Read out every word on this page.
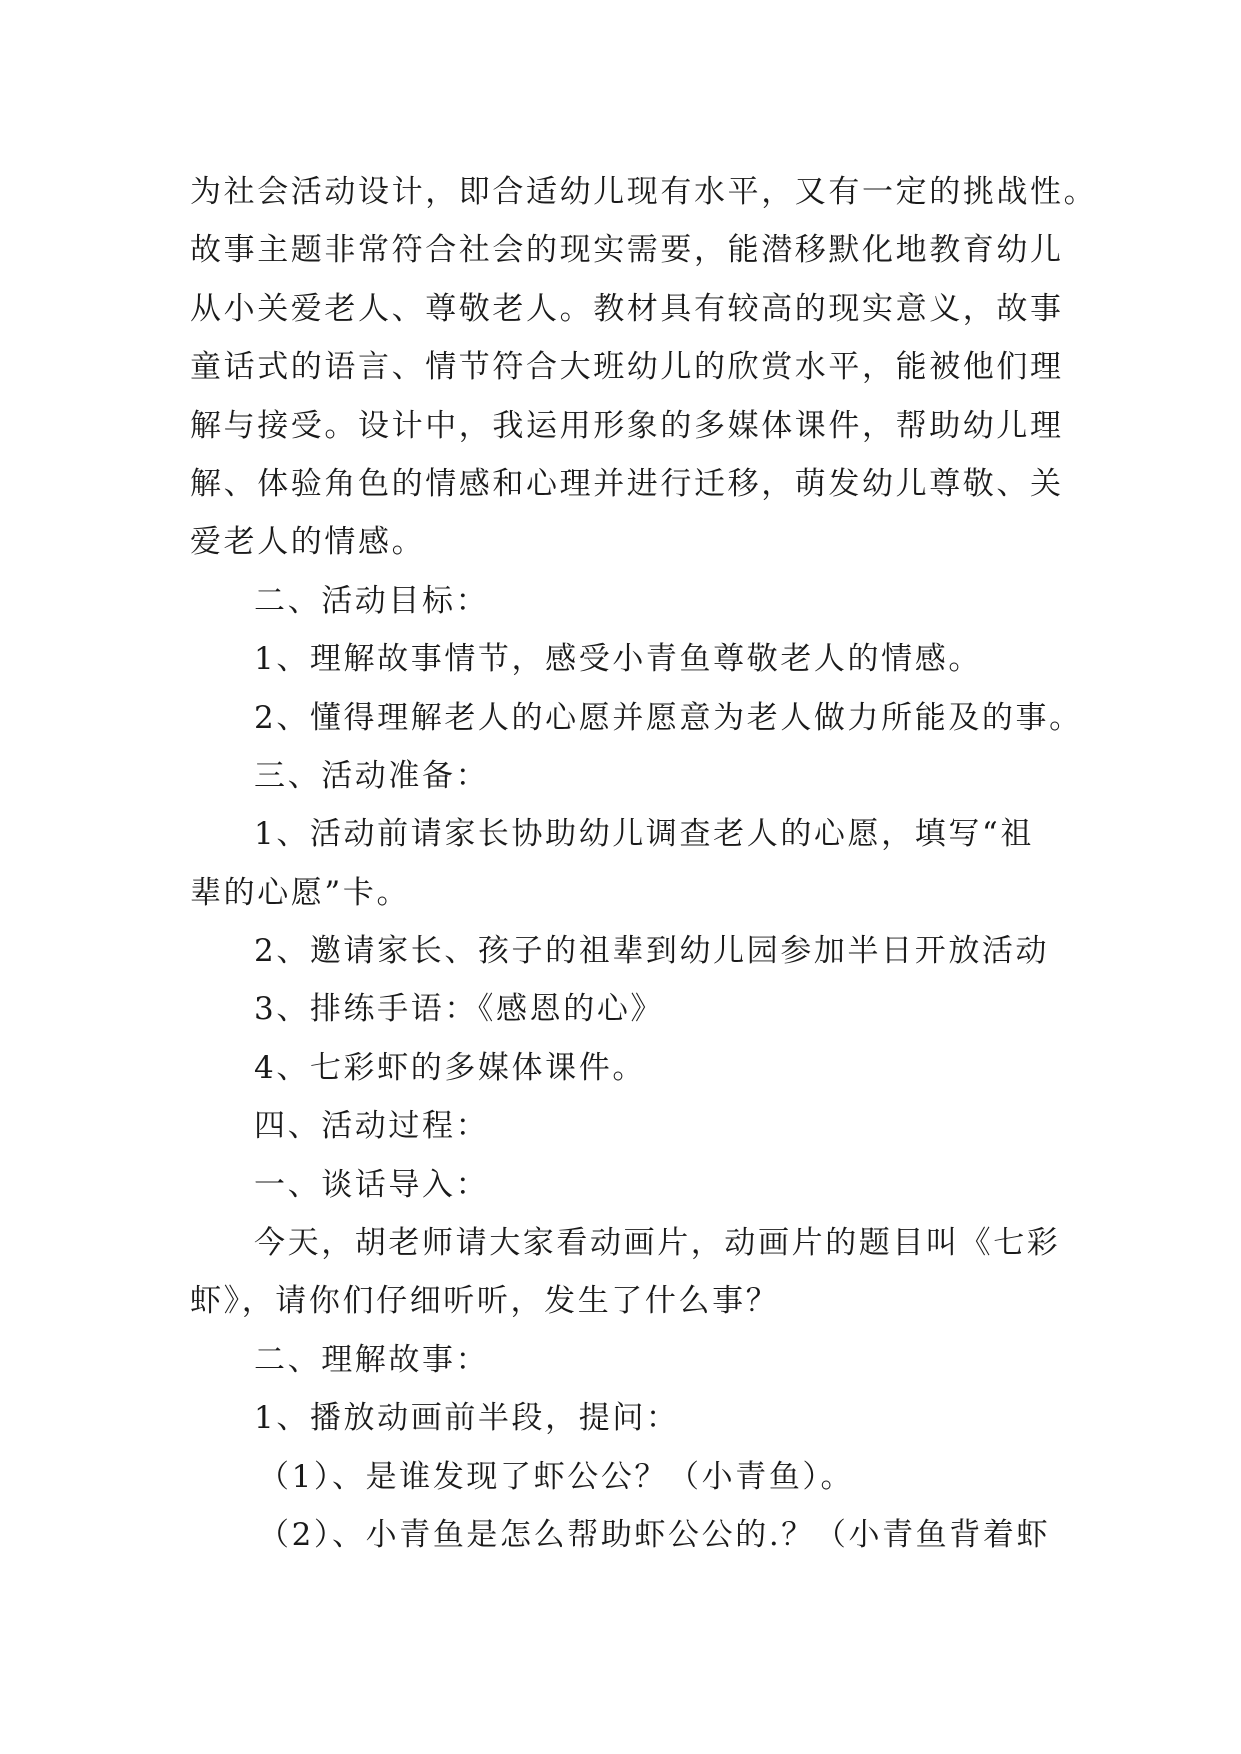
为社会活动设计，即合适幼儿现有水平，又有一定的挑战性。
故事主题非常符合社会的现实需要，能潜移默化地教育幼儿
从小关爱老人、尊敬老人。教材具有较高的现实意义，故事
童话式的语言、情节符合大班幼儿的欣赏水平，能被他们理
解与接受。设计中，我运用形象的多媒体课件，帮助幼儿理
解、体验角色的情感和心理并进行迁移，萌发幼儿尊敬、关
爱老人的情感。
二、活动目标：
1、理解故事情节，感受小青鱼尊敬老人的情感。
2、懂得理解老人的心愿并愿意为老人做力所能及的事。
三、活动准备：
1、活动前请家长协助幼儿调查老人的心愿，填写“祖
辈的心愿”卡。
2、邀请家长、孩子的祖辈到幼儿园参加半日开放活动
3、排练手语：《感恩的心》
4、七彩虾的多媒体课件。
四、活动过程：
一、谈话导入：
今天，胡老师请大家看动画片，动画片的题目叫《七彩
虾》，请你们仔细听听，发生了什么事？
二、理解故事：
1、播放动画前半段，提问：
（1）、是谁发现了虾公公？（小青鱼）。
（2）、小青鱼是怎么帮助虾公公的.？（小青鱼背着虾
